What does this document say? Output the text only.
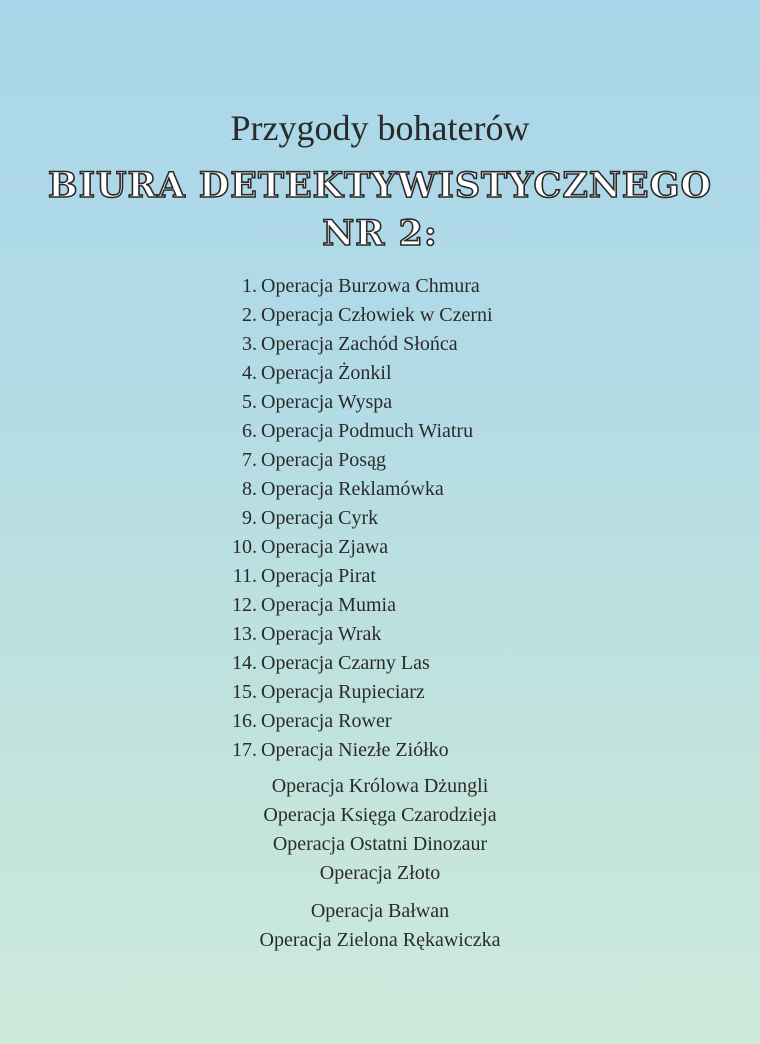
Przygody bohaterów
BIURA DETEKTYWISTYCZNEGO
NR 2:
1. Operacja Burzowa Chmura
2. Operacja Człowiek w Czerni
3. Operacja Zachód Słońca
4. Operacja Żonkil
5. Operacja Wyspa
6. Operacja Podmuch Wiatru
7. Operacja Posąg
8. Operacja Reklamówka
9. Operacja Cyrk
10. Operacja Zjawa
11. Operacja Pirat
12. Operacja Mumia
13. Operacja Wrak
14. Operacja Czarny Las
15. Operacja Rupieciarz
16. Operacja Rower
17. Operacja Niezłe Ziółko
Operacja Królowa Dżungli
Operacja Księga Czarodzieja
Operacja Ostatni Dinozaur
Operacja Złoto
Operacja Bałwan
Operacja Zielona Rękawiczka
